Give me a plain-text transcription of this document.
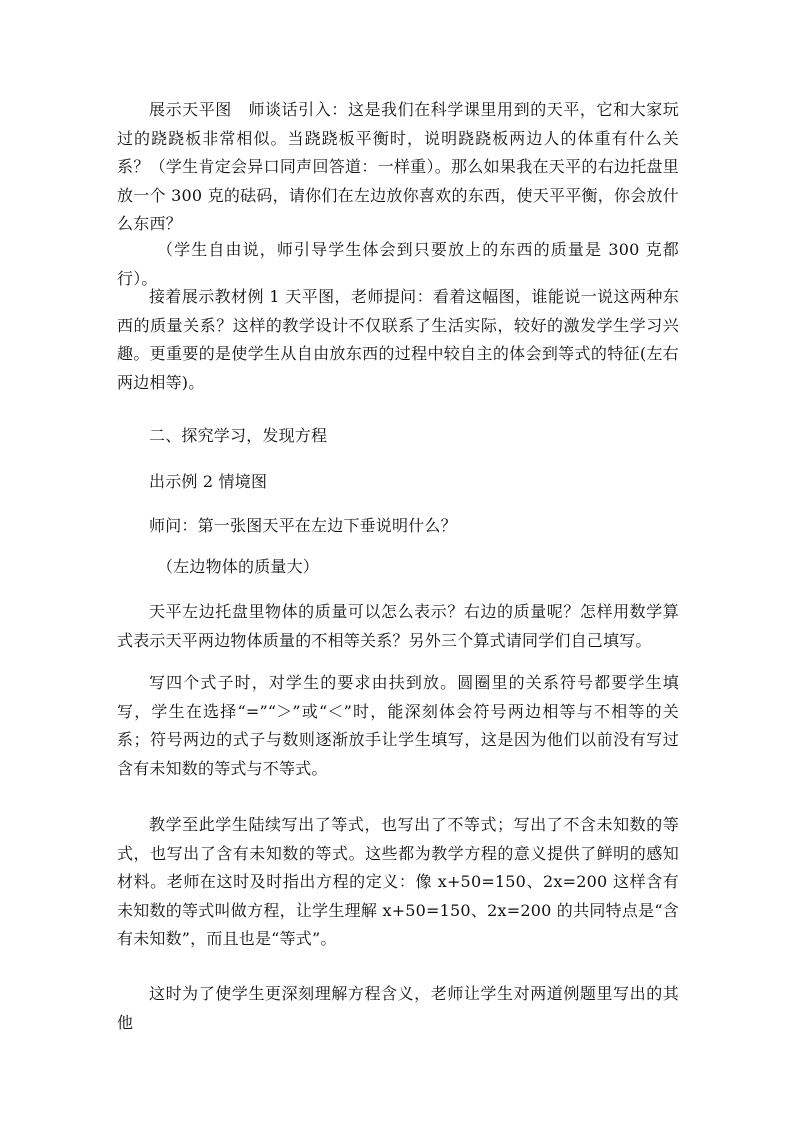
展示天平图　师谈话引入：这是我们在科学课里用到的天平，它和大家玩过的跷跷板非常相似。当跷跷板平衡时，说明跷跷板两边人的体重有什么关系？（学生肯定会异口同声回答道：一样重）。那么如果我在天平的右边托盘里放一个 300 克的砝码，请你们在左边放你喜欢的东西，使天平平衡，你会放什么东西？

（学生自由说，师引导学生体会到只要放上的东西的质量是 300 克都行）。

接着展示教材例 1 天平图，老师提问：看着这幅图，谁能说一说这两种东西的质量关系？这样的教学设计不仅联系了生活实际，较好的激发学生学习兴趣。更重要的是使学生从自由放东西的过程中较自主的体会到等式的特征(左右两边相等)。

二、探究学习，发现方程

出示例 2 情境图

师问：第一张图天平在左边下垂说明什么？

（左边物体的质量大）

天平左边托盘里物体的质量可以怎么表示？右边的质量呢？怎样用数学算式表示天平两边物体质量的不相等关系？另外三个算式请同学们自己填写。

写四个式子时，对学生的要求由扶到放。圆圈里的关系符号都要学生填写，学生在选择“=”“＞”或“＜”时，能深刻体会符号两边相等与不相等的关系；符号两边的式子与数则逐渐放手让学生填写，这是因为他们以前没有写过含有未知数的等式与不等式。

教学至此学生陆续写出了等式，也写出了不等式；写出了不含未知数的等式，也写出了含有未知数的等式。这些都为教学方程的意义提供了鲜明的感知材料。老师在这时及时指出方程的定义：像 x+50=150、2x=200 这样含有未知数的等式叫做方程，让学生理解 x+50=150、2x=200 的共同特点是“含有未知数”，而且也是“等式”。

这时为了使学生更深刻理解方程含义，老师让学生对两道例题里写出的其他
